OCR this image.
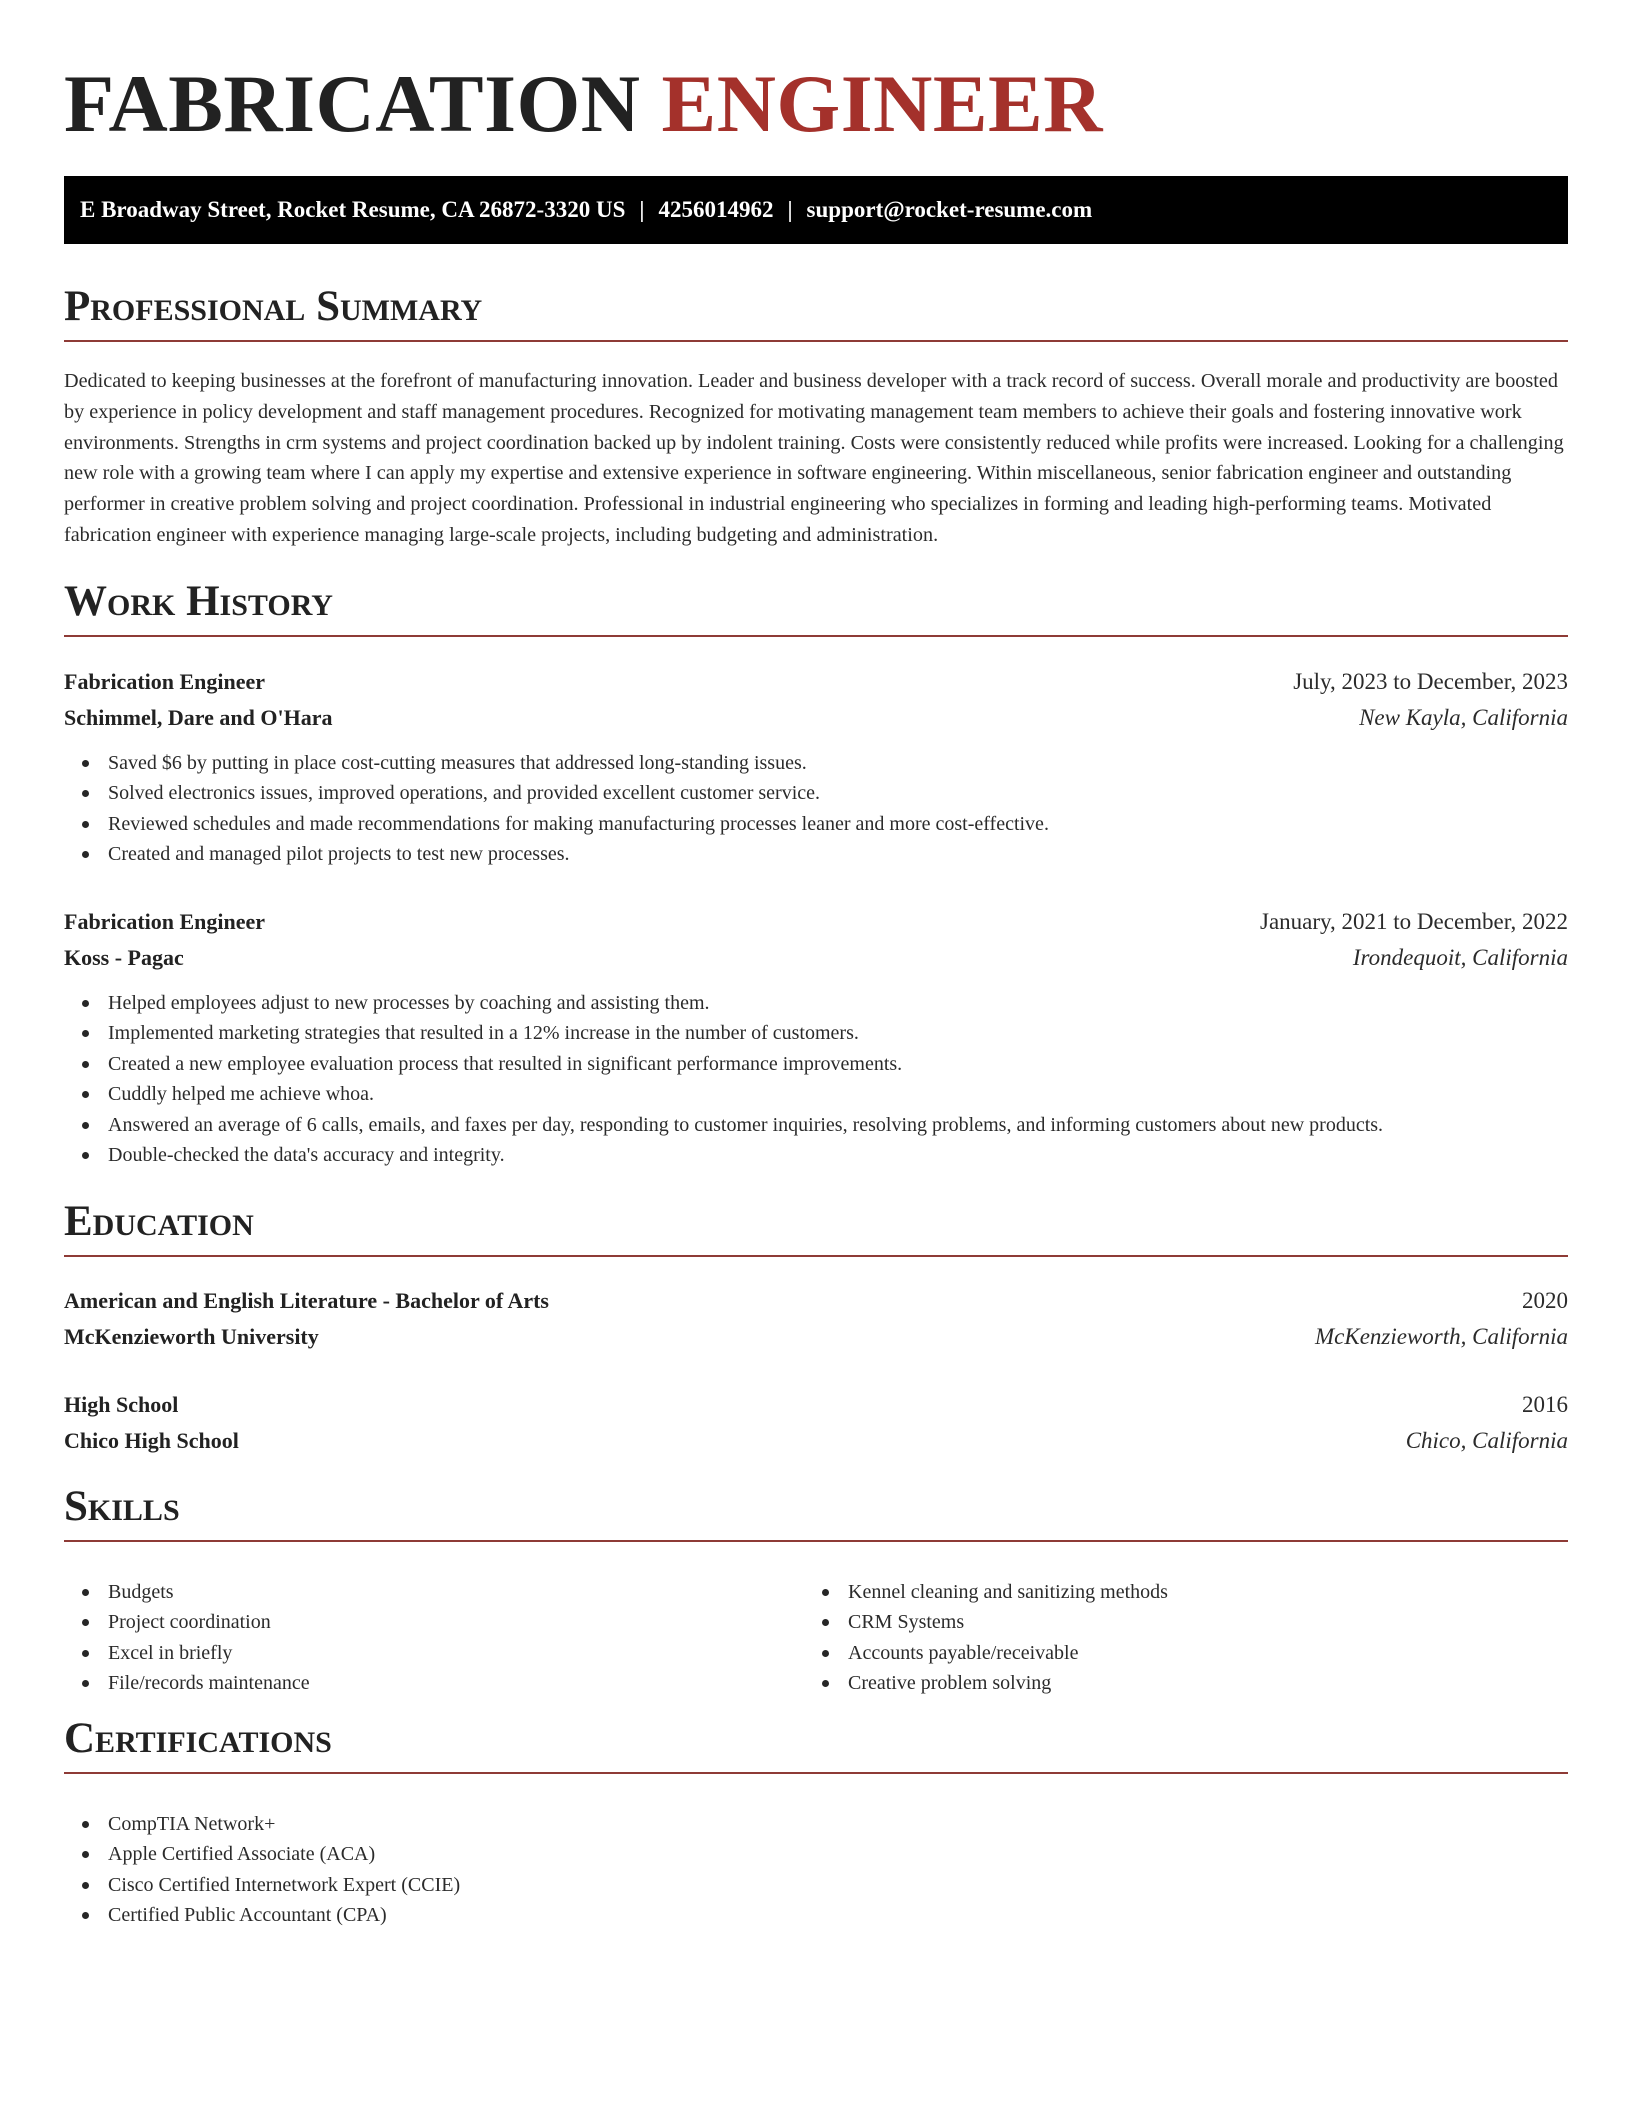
FABRICATION ENGINEER
E Broadway Street, Rocket Resume, CA 26872-3320 US | 4256014962 | support@rocket-resume.com
Professional Summary

Dedicated to keeping businesses at the forefront of manufacturing innovation. Leader and business developer with a track record of success. Overall morale and productivity are boosted by experience in policy development and staff management procedures. Recognized for motivating management team members to achieve their goals and fostering innovative work environments. Strengths in crm systems and project coordination backed up by indolent training. Costs were consistently reduced while profits were increased. Looking for a challenging new role with a growing team where I can apply my expertise and extensive experience in software engineering. Within miscellaneous, senior fabrication engineer and outstanding performer in creative problem solving and project coordination. Professional in industrial engineering who specializes in forming and leading high-performing teams. Motivated fabrication engineer with experience managing large-scale projects, including budgeting and administration.

Work History
Fabrication Engineer	July, 2023 to December, 2023
Schimmel, Dare and O'Hara	New Kayla, California
Saved $6 by putting in place cost-cutting measures that addressed long-standing issues.
Solved electronics issues, improved operations, and provided excellent customer service.
Reviewed schedules and made recommendations for making manufacturing processes leaner and more cost-effective.
Created and managed pilot projects to test new processes.
Fabrication Engineer	January, 2021 to December, 2022
Koss - Pagac	Irondequoit, California
Helped employees adjust to new processes by coaching and assisting them.
Implemented marketing strategies that resulted in a 12% increase in the number of customers.
Created a new employee evaluation process that resulted in significant performance improvements.
Cuddly helped me achieve whoa.
Answered an average of 6 calls, emails, and faxes per day, responding to customer inquiries, resolving problems, and informing customers about new products.
Double-checked the data's accuracy and integrity.
Education
American and English Literature - Bachelor of Arts	2020
McKenzieworth University	McKenzieworth, California
High School	2016
Chico High School	Chico, California
Skills
Budgets
Project coordination
Excel in briefly
File/records maintenance
Kennel cleaning and sanitizing methods
CRM Systems
Accounts payable/receivable
Creative problem solving
Certifications
CompTIA Network+
Apple Certified Associate (ACA)
Cisco Certified Internetwork Expert (CCIE)
Certified Public Accountant (CPA)
